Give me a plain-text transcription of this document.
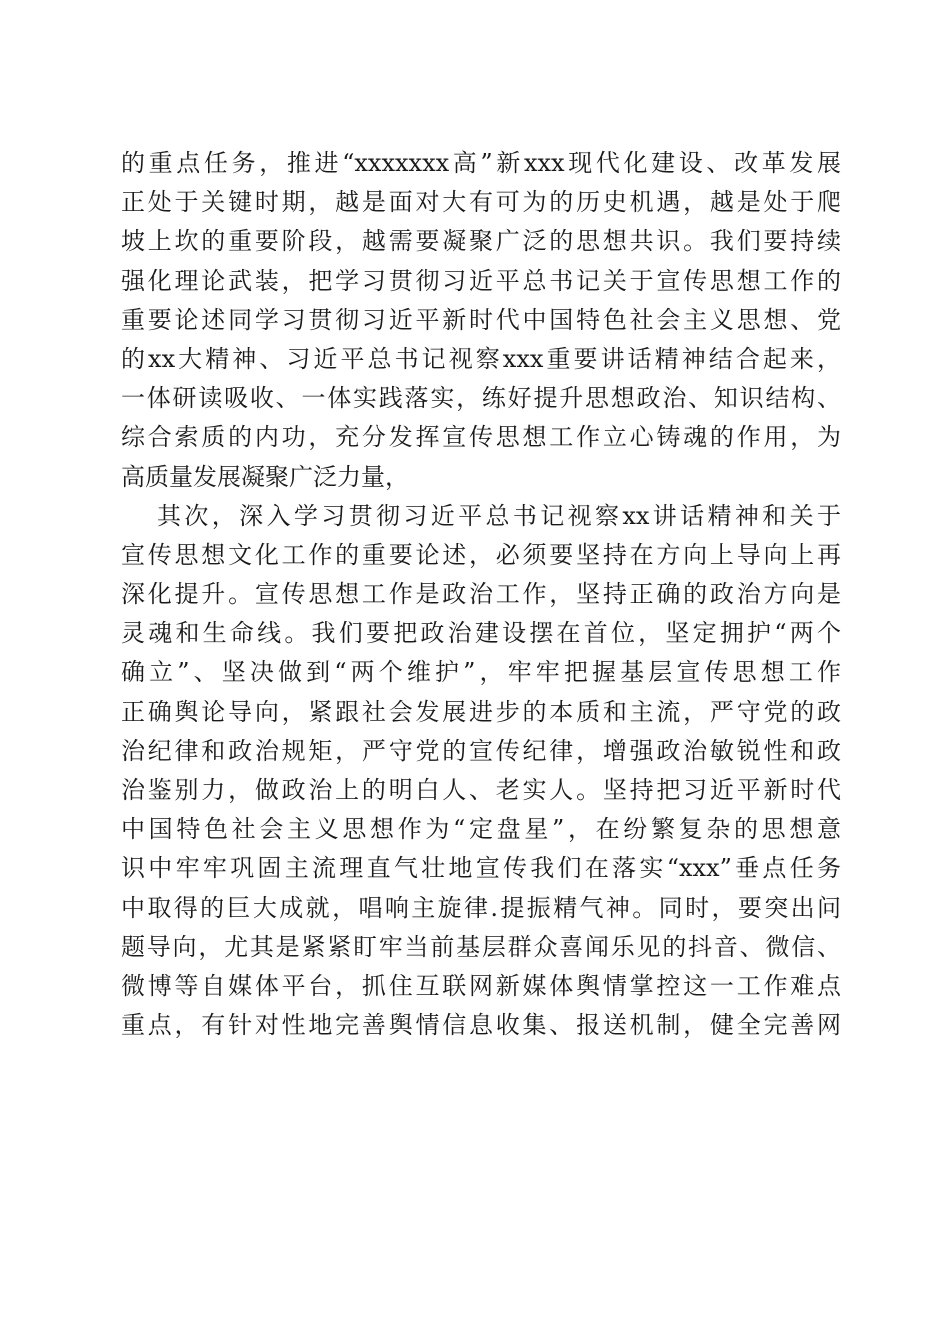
的重点任务，推进“xxxxxxx高”新xxx现代化建设、改革发展
正处于关键时期，越是面对大有可为的历史机遇，越是处于爬
坡上坎的重要阶段，越需要凝聚广泛的思想共识。我们要持续
强化理论武装，把学习贯彻习近平总书记关于宣传思想工作的
重要论述同学习贯彻习近平新时代中国特色社会主义思想、党
的xx大精神、习近平总书记视察xxx重要讲话精神结合起来，
一体研读吸收、一体实践落实，练好提升思想政治、知识结构、
综合索质的内功，充分发挥宣传思想工作立心铸魂的作用，为
高质量发展凝聚广泛力量，
其次，深入学习贯彻习近平总书记视察xx讲话精神和关于
宣传思想文化工作的重要论述，必须要坚持在方向上导向上再
深化提升。宣传思想工作是政治工作，坚持正确的政治方向是
灵魂和生命线。我们要把政治建设摆在首位，坚定拥护“两个
确立”、坚决做到“两个维护”，牢牢把握基层宣传思想工作
正确舆论导向，紧跟社会发展进步的本质和主流，严守党的政
治纪律和政治规矩，严守党的宣传纪律，增强政治敏锐性和政
治鉴别力，做政治上的明白人、老实人。坚持把习近平新时代
中国特色社会主义思想作为“定盘星”，在纷繁复杂的思想意
识中牢牢巩固主流理直气壮地宣传我们在落实“xxx”垂点任务
中取得的巨大成就，唱响主旋律.提振精气神。同时，要突出问
题导向，尤其是紧紧盯牢当前基层群众喜闻乐见的抖音、微信、
微博等自媒体平台，抓住互联网新媒体舆情掌控这一工作难点
重点，有针对性地完善舆情信息收集、报送机制，健全完善网
